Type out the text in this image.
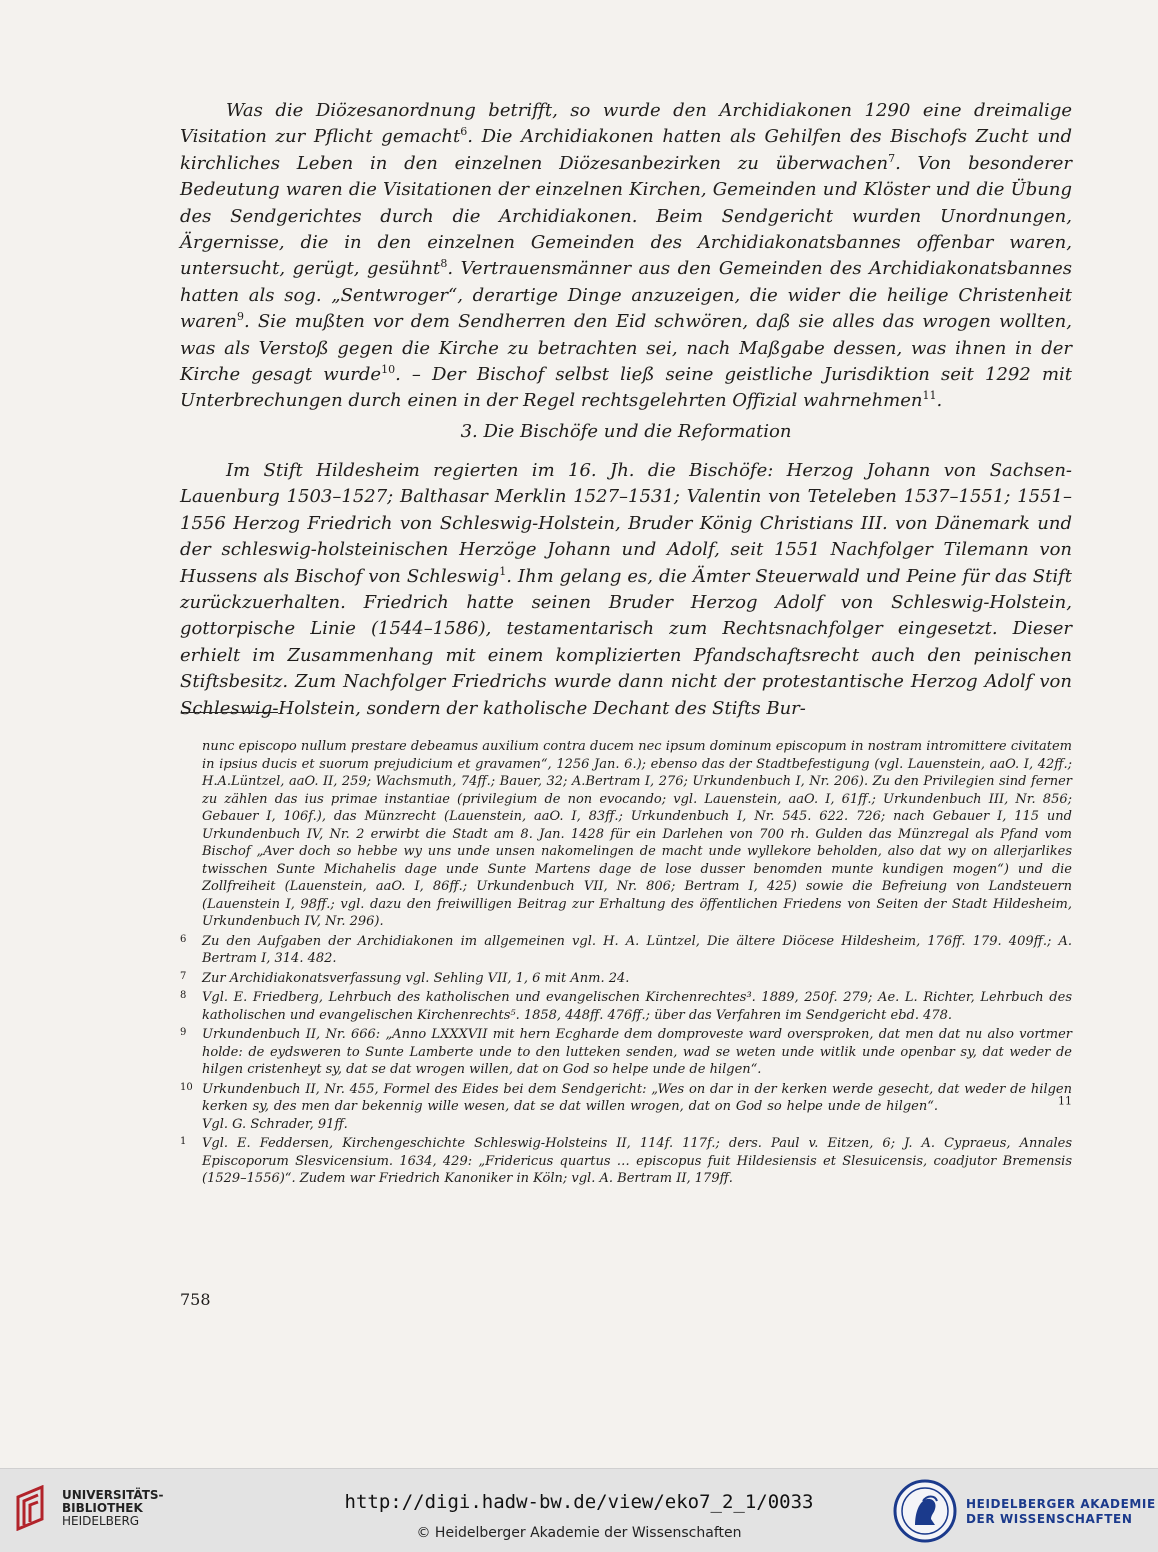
Was die Diözesanordnung betrifft, so wurde den Archidiakonen 1290 eine dreimalige Visitation zur Pflicht gemacht$^6$. Die Archidiakonen hatten als Gehilfen des Bischofs Zucht und kirchliches Leben in den einzelnen Diözesanbezirken zu überwachen$^7$. Von besonderer Bedeutung waren die Visitationen der einzelnen Kirchen, Gemeinden und Klöster und die Übung des Sendgerichtes durch die Archidiakonen. Beim Sendgericht wurden Unordnungen, Ärgernisse, die in den einzelnen Gemeinden des Archidiakonatsbannes offenbar waren, untersucht, gerügt, gesühnt$^8$. Vertrauensmänner aus den Gemeinden des Archidiakonatsbannes hatten als sog. „Sentwroger“, derartige Dinge anzuzeigen, die wider die heilige Christenheit waren$^9$. Sie mußten vor dem Sendherren den Eid schwören, daß sie alles das wrogen wollten, was als Verstoß gegen die Kirche zu betrachten sei, nach Maßgabe dessen, was ihnen in der Kirche gesagt wurde$^{10}$. – Der Bischof selbst ließ seine geistliche Jurisdiktion seit 1292 mit Unterbrechungen durch einen in der Regel rechtsgelehrten Offizial wahrnehmen$^{11}$.
3. Die Bischöfe und die Reformation
Im Stift Hildesheim regierten im 16. Jh. die Bischöfe: Herzog Johann von Sachsen-Lauenburg 1503–1527; Balthasar Merklin 1527–1531; Valentin von Teteleben 1537–1551; 1551–1556 Herzog Friedrich von Schleswig-Holstein, Bruder König Christians III. von Dänemark und der schleswig-holsteinischen Herzöge Johann und Adolf, seit 1551 Nachfolger Tilemann von Hussens als Bischof von Schleswig$^1$. Ihm gelang es, die Ämter Steuerwald und Peine für das Stift zurückzuerhalten. Friedrich hatte seinen Bruder Herzog Adolf von Schleswig-Holstein, gottorpische Linie (1544–1586), testamentarisch zum Rechtsnachfolger eingesetzt. Dieser erhielt im Zusammenhang mit einem komplizierten Pfandschaftsrecht auch den peinischen Stiftsbesitz. Zum Nachfolger Friedrichs wurde dann nicht der protestantische Herzog Adolf von Schleswig-Holstein, sondern der katholische Dechant des Stifts Bur-

nunc episcopo nullum prestare debeamus auxilium contra ducem nec ipsum dominum episcopum in nostram intromittere civitatem in ipsius ducis et suorum prejudicium et gravamen“, 1256 Jan. 6.); ebenso das der Stadtbefestigung (vgl. Lauenstein, aaO. I, 42ff.; H.A.Lüntzel, aaO. II, 259; Wachsmuth, 74ff.; Bauer, 32; A.Bertram I, 276; Urkundenbuch I, Nr. 206). Zu den Privilegien sind ferner zu zählen das ius primae instantiae (privilegium de non evocando; vgl. Lauenstein, aaO. I, 61ff.; Urkundenbuch III, Nr. 856; Gebauer I, 106f.), das Münzrecht (Lauenstein, aaO. I, 83ff.; Urkundenbuch I, Nr. 545. 622. 726; nach Gebauer I, 115 und Urkundenbuch IV, Nr. 2 erwirbt die Stadt am 8. Jan. 1428 für ein Darlehen von 700 rh. Gulden das Münzregal als Pfand vom Bischof „Aver doch so hebbe wy uns unde unsen nakomelingen de macht unde wyllekore beholden, also dat wy on allerjarlikes twisschen Sunte Michahelis dage unde Sunte Martens dage de lose dusser benomden munte kundigen mogen“) und die Zollfreiheit (Lauenstein, aaO. I, 86ff.; Urkundenbuch VII, Nr. 806; Bertram I, 425) sowie die Befreiung von Landsteuern (Lauenstein I, 98ff.; vgl. dazu den freiwilligen Beitrag zur Erhaltung des öffentlichen Friedens von Seiten der Stadt Hildesheim, Urkundenbuch IV, Nr. 296).

6 Zu den Aufgaben der Archidiakonen im allgemeinen vgl. H. A. Lüntzel, Die ältere Diöcese Hildesheim, 176ff. 179. 409ff.; A. Bertram I, 314. 482.

7 Zur Archidiakonatsverfassung vgl. Sehling VII, 1, 6 mit Anm. 24.

8 Vgl. E. Friedberg, Lehrbuch des katholischen und evangelischen Kirchenrechtes³. 1889, 250f. 279; Ae. L. Richter, Lehrbuch des katholischen und evangelischen Kirchenrechts⁵. 1858, 448ff. 476ff.; über das Verfahren im Sendgericht ebd. 478.

9 Urkundenbuch II, Nr. 666: „Anno LXXXVII mit hern Ecgharde dem domproveste ward oversproken, dat men dat nu also vortmer holde: de eydsweren to Sunte Lamberte unde to den lutteken senden, wad se weten unde witlik unde openbar sy, dat weder de hilgen cristenheyt sy, dat se dat wrogen willen, dat on God so helpe unde de hilgen“.

10 Urkundenbuch II, Nr. 455, Formel des Eides bei dem Sendgericht: „Wes on dar in der kerken werde gesecht, dat weder de hilgen kerken sy, des men dar bekennig wille wesen, dat se dat willen wrogen, dat on God so helpe unde de hilgen“.	$^{11}$ Vgl. G. Schrader, 91ff.

1 Vgl. E. Feddersen, Kirchengeschichte Schleswig-Holsteins II, 114f. 117f.; ders. Paul v. Eitzen, 6; J. A. Cypraeus, Annales Episcoporum Slesvicensium. 1634, 429: „Fridericus quartus … episcopus fuit Hildesiensis et Slesuicensis, coadjutor Bremensis (1529–1556)“. Zudem war Friedrich Kanoniker in Köln; vgl. A. Bertram II, 179ff.

758
UNIVERSITÄTS-
BIBLIOTHEK
HEIDELBERG
http://digi.hadw-bw.de/view/eko7_2_1/0033
© Heidelberger Akademie der Wissenschaften
HEIDELBERGER AKADEMIE
DER WISSENSCHAFTEN
